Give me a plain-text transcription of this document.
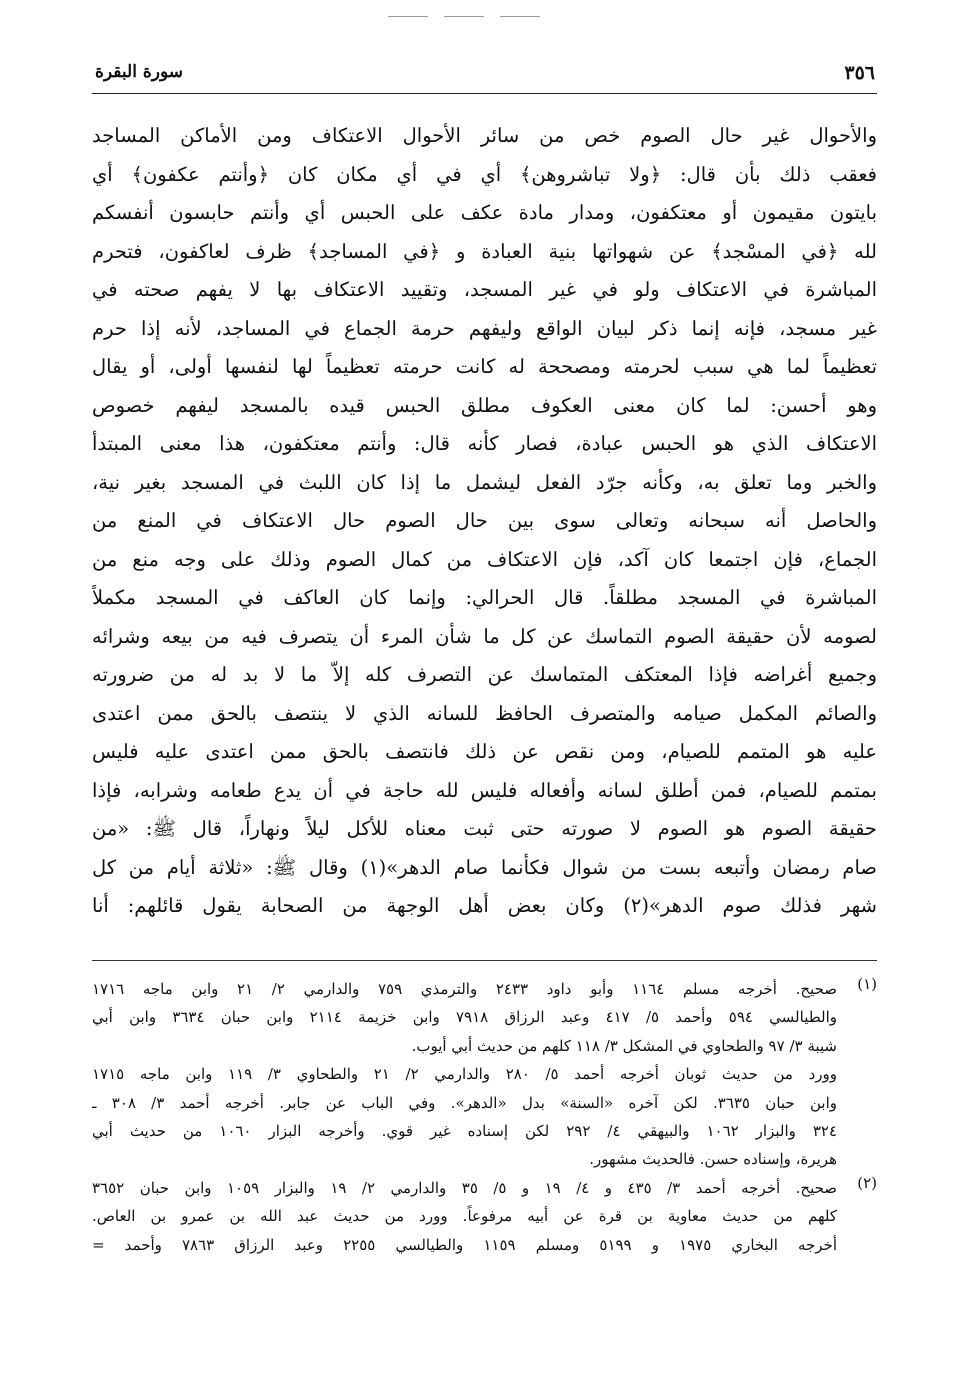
سورة البقرة	٣٥٦
والأحوال غير حال الصوم خص من سائر الأحوال الاعتكاف ومن الأماكن المساجد
فعقب ذلك بأن قال: ﴿ولا تباشروهن﴾ أي في أي مكان كان ﴿وأنتم عكفون﴾ أي
بايتون مقيمون أو معتكفون، ومدار مادة عكف على الحبس أي وأنتم حابسون أنفسكم
لله ﴿في المسْجد﴾ عن شهواتها بنية العبادة و ﴿في المساجد﴾ ظرف لعاكفون، فتحرم
المباشرة في الاعتكاف ولو في غير المسجد، وتقييد الاعتكاف بها لا يفهم صحته في
غير مسجد، فإنه إنما ذكر لبيان الواقع وليفهم حرمة الجماع في المساجد، لأنه إذا حرم
تعظيماً لما هي سبب لحرمته ومصححة له كانت حرمته تعظيماً لها لنفسها أولى، أو يقال
وهو أحسن: لما كان معنى العكوف مطلق الحبس قيده بالمسجد ليفهم خصوص
الاعتكاف الذي هو الحبس عبادة، فصار كأنه قال: وأنتم معتكفون، هذا معنى المبتدأ
والخبر وما تعلق به، وكأنه جرّد الفعل ليشمل ما إذا كان اللبث في المسجد بغير نية،
والحاصل أنه سبحانه وتعالى سوى بين حال الصوم حال الاعتكاف في المنع من
الجماع، فإن اجتمعا كان آكد، فإن الاعتكاف من كمال الصوم وذلك على وجه منع من
المباشرة في المسجد مطلقاً. قال الحرالي: وإنما كان العاكف في المسجد مكملاً
لصومه لأن حقيقة الصوم التماسك عن كل ما شأن المرء أن يتصرف فيه من بيعه وشرائه
وجميع أغراضه فإذا المعتكف المتماسك عن التصرف كله إلاّ ما لا بد له من ضرورته
والصائم المكمل صيامه والمتصرف الحافظ للسانه الذي لا ينتصف بالحق ممن اعتدى
عليه هو المتمم للصيام، ومن نقص عن ذلك فانتصف بالحق ممن اعتدى عليه فليس
بمتمم للصيام، فمن أطلق لسانه وأفعاله فليس لله حاجة في أن يدع طعامه وشرابه، فإذا
حقيقة الصوم هو الصوم لا صورته حتى ثبت معناه للأكل ليلاً ونهاراً، قال ﷺ: «من
صام رمضان وأتبعه بست من شوال فكأنما صام الدهر»(١) وقال ﷺ: «ثلاثة أيام من كل
شهر فذلك صوم الدهر»(٢) وكان بعض أهل الوجهة من الصحابة يقول قائلهم: أنا
(١)
صحيح. أخرجه مسلم ١١٦٤ وأبو داود ٢٤٣٣ والترمذي ٧٥٩ والدارمي ٢/ ٢١ وابن ماجه ١٧١٦
والطيالسي ٥٩٤ وأحمد ٥/ ٤١٧ وعبد الرزاق ٧٩١٨ وابن خزيمة ٢١١٤ وابن حبان ٣٦٣٤ وابن أبي
شيبة ٣/ ٩٧ والطحاوي في المشكل ٣/ ١١٨ كلهم من حديث أبي أيوب.
وورد من حديث ثوبان أخرجه أحمد ٥/ ٢٨٠ والدارمي ٢/ ٢١ والطحاوي ٣/ ١١٩ وابن ماجه ١٧١٥
وابن حبان ٣٦٣٥. لكن آخره «السنة» بدل «الدهر». وفي الباب عن جابر. أخرجه أحمد ٣/ ٣٠٨ ـ
٣٢٤ والبزار ١٠٦٢ والبيهقي ٤/ ٢٩٢ لكن إسناده غير قوي. وأخرجه البزار ١٠٦٠ من حديث أبي
هريرة، وإسناده حسن. فالحديث مشهور.
(٢)
صحيح. أخرجه أحمد ٣/ ٤٣٥ و ٤/ ١٩ و ٥/ ٣٥ والدارمي ٢/ ١٩ والبزار ١٠٥٩ وابن حبان ٣٦٥٢
كلهم من حديث معاوية بن قرة عن أبيه مرفوعاً. وورد من حديث عبد الله بن عمرو بن العاص.
أخرجه البخاري ١٩٧٥ و ٥١٩٩ ومسلم ١١٥٩ والطيالسي ٢٢٥٥ وعبد الرزاق ٧٨٦٣ وأحمد =
